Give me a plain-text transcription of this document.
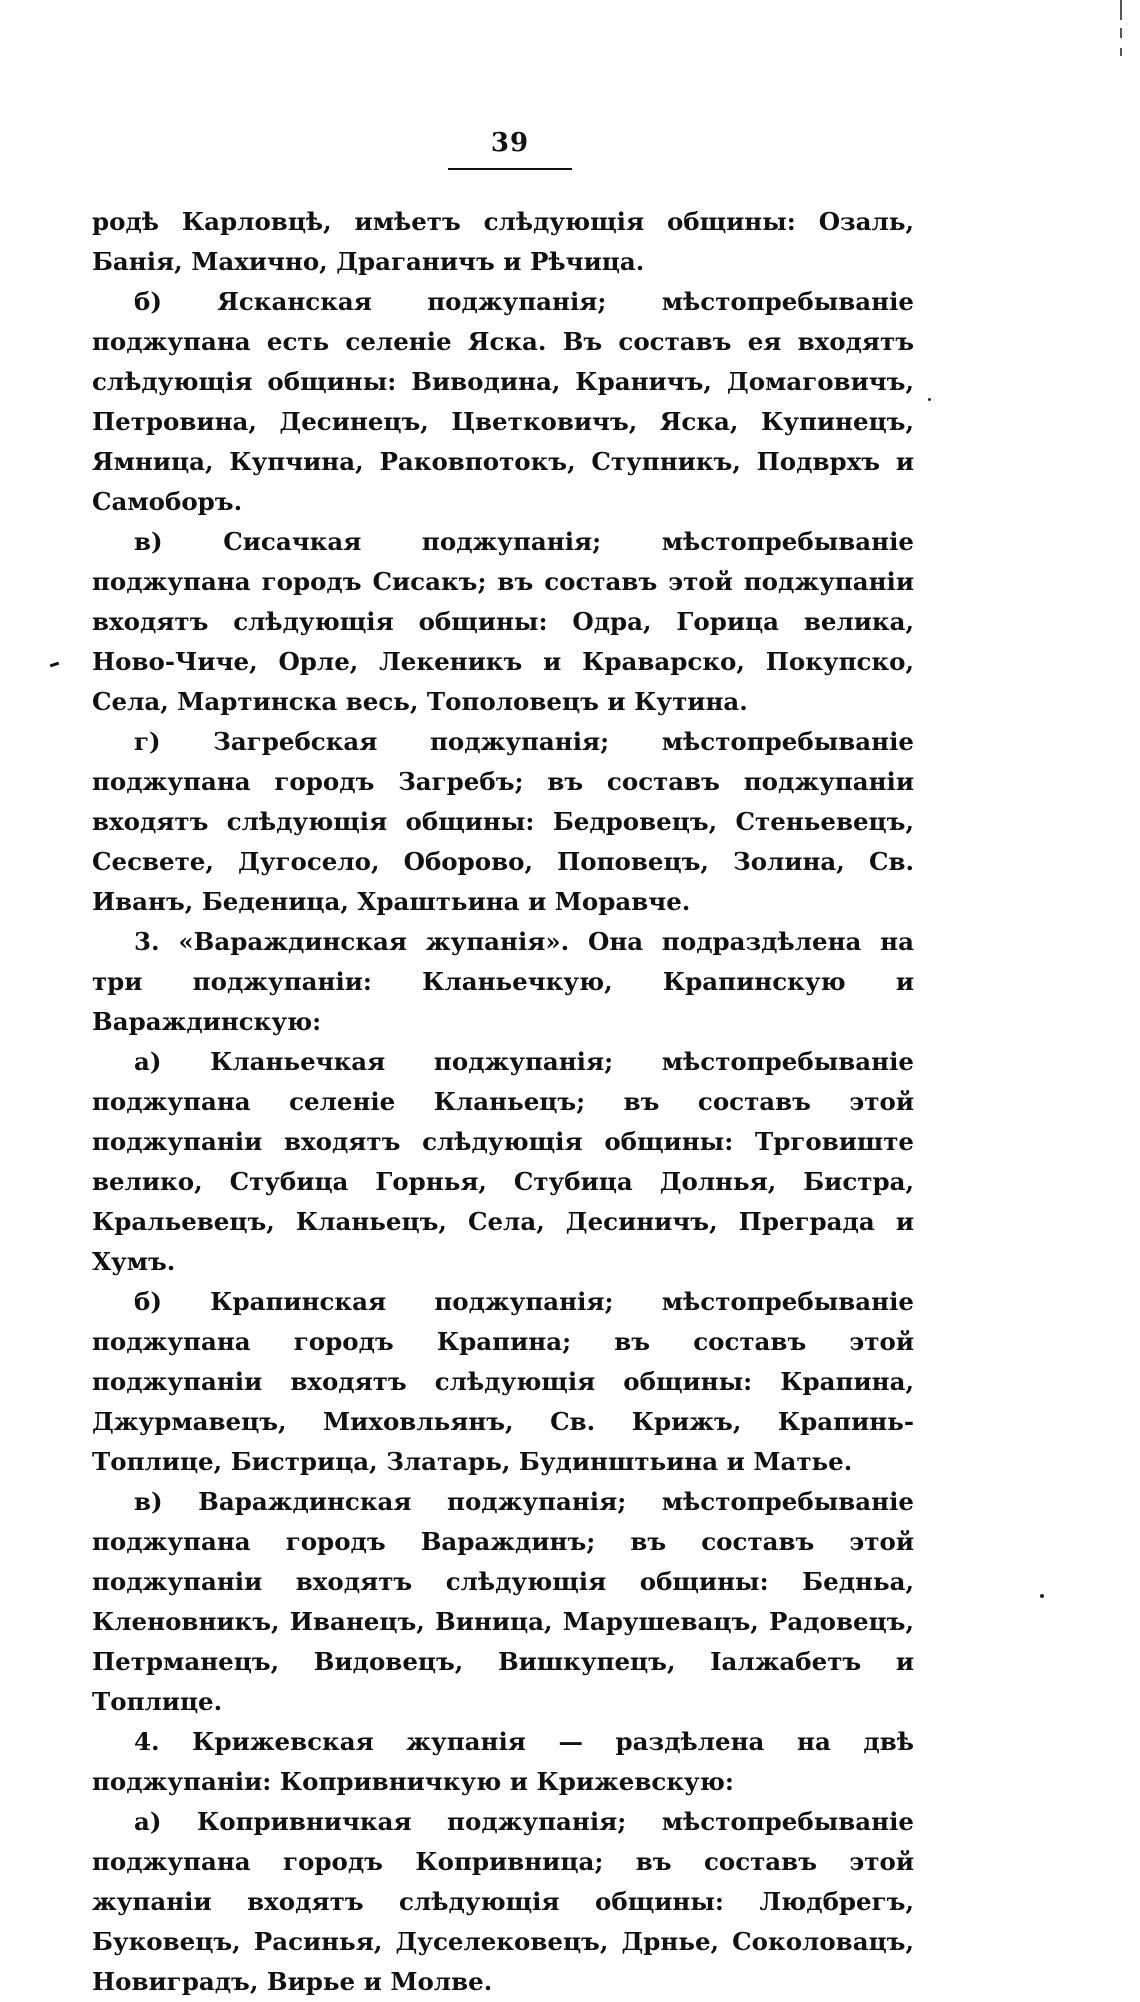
39

родѣ Карловцѣ, имѣетъ слѣдующія общины: Озаль, Банія, Махично, Драганичъ и Рѣчица.

б) Ясканская поджупанія; мѣстопребываніе поджупана есть селеніе Яска. Въ составъ ея входятъ слѣдующія общины: Виводина, Краничъ, Домаговичъ, Петровина, Десинецъ, Цветковичъ, Яска, Купинецъ, Ямница, Купчина, Раковпотокъ, Ступникъ, Подврхъ и Самоборъ.

в) Сисачкая поджупанія; мѣстопребываніе поджупана городъ Сисакъ; въ составъ этой поджупаніи входятъ слѣдующія общины: Одра, Горица велика, Ново-Чиче, Орле, Лекеникъ и Краварско, Покупско, Села, Мартинска весь, Тополовецъ и Кутина.

г) Загребская поджупанія; мѣстопребываніе поджупана городъ Загребъ; въ составъ поджупаніи входятъ слѣдующія общины: Бедровецъ, Стеньевецъ, Сесвете, Дугосело, Оборово, Поповецъ, Золина, Св. Иванъ, Беденица, Храштьина и Моравче.

3. «Вараждинская жупанія». Она подраздѣлена на три поджупаніи: Кланьечкую, Крапинскую и Вараждинскую:

а) Кланьечкая поджупанія; мѣстопребываніе поджупана селеніе Кланьецъ; въ составъ этой поджупаніи входятъ слѣдующія общины: Трговиште велико, Стубица Горнья, Стубица Долнья, Бистра, Кральевецъ, Кланьецъ, Села, Десиничъ, Преграда и Хумъ.

б) Крапинская поджупанія; мѣстопребываніе поджупана городъ Крапина; въ составъ этой поджупаніи входятъ слѣдующія общины: Крапина, Джурмавецъ, Миховльянъ, Св. Крижъ, Крапинь-Топлице, Бистрица, Златарь, Будинштьина и Матье.

в) Вараждинская поджупанія; мѣстопребываніе поджупана городъ Вараждинъ; въ составъ этой поджупаніи входятъ слѣдующія общины: Бедньа, Кленовникъ, Иванецъ, Виница, Марушевацъ, Радовецъ, Петрманецъ, Видовецъ, Вишкупецъ, Іалжабетъ и Топлице.

4. Крижевская жупанія — раздѣлена на двѣ поджупаніи: Копривничкую и Крижевскую:

а) Копривничкая поджупанія; мѣстопребываніе поджупана городъ Копривница; въ составъ этой жупаніи входятъ слѣдующія общины: Людбрегъ, Буковецъ, Расинья, Дуселековецъ, Дрнье, Соколовацъ, Новиградъ, Вирье и Молве.
